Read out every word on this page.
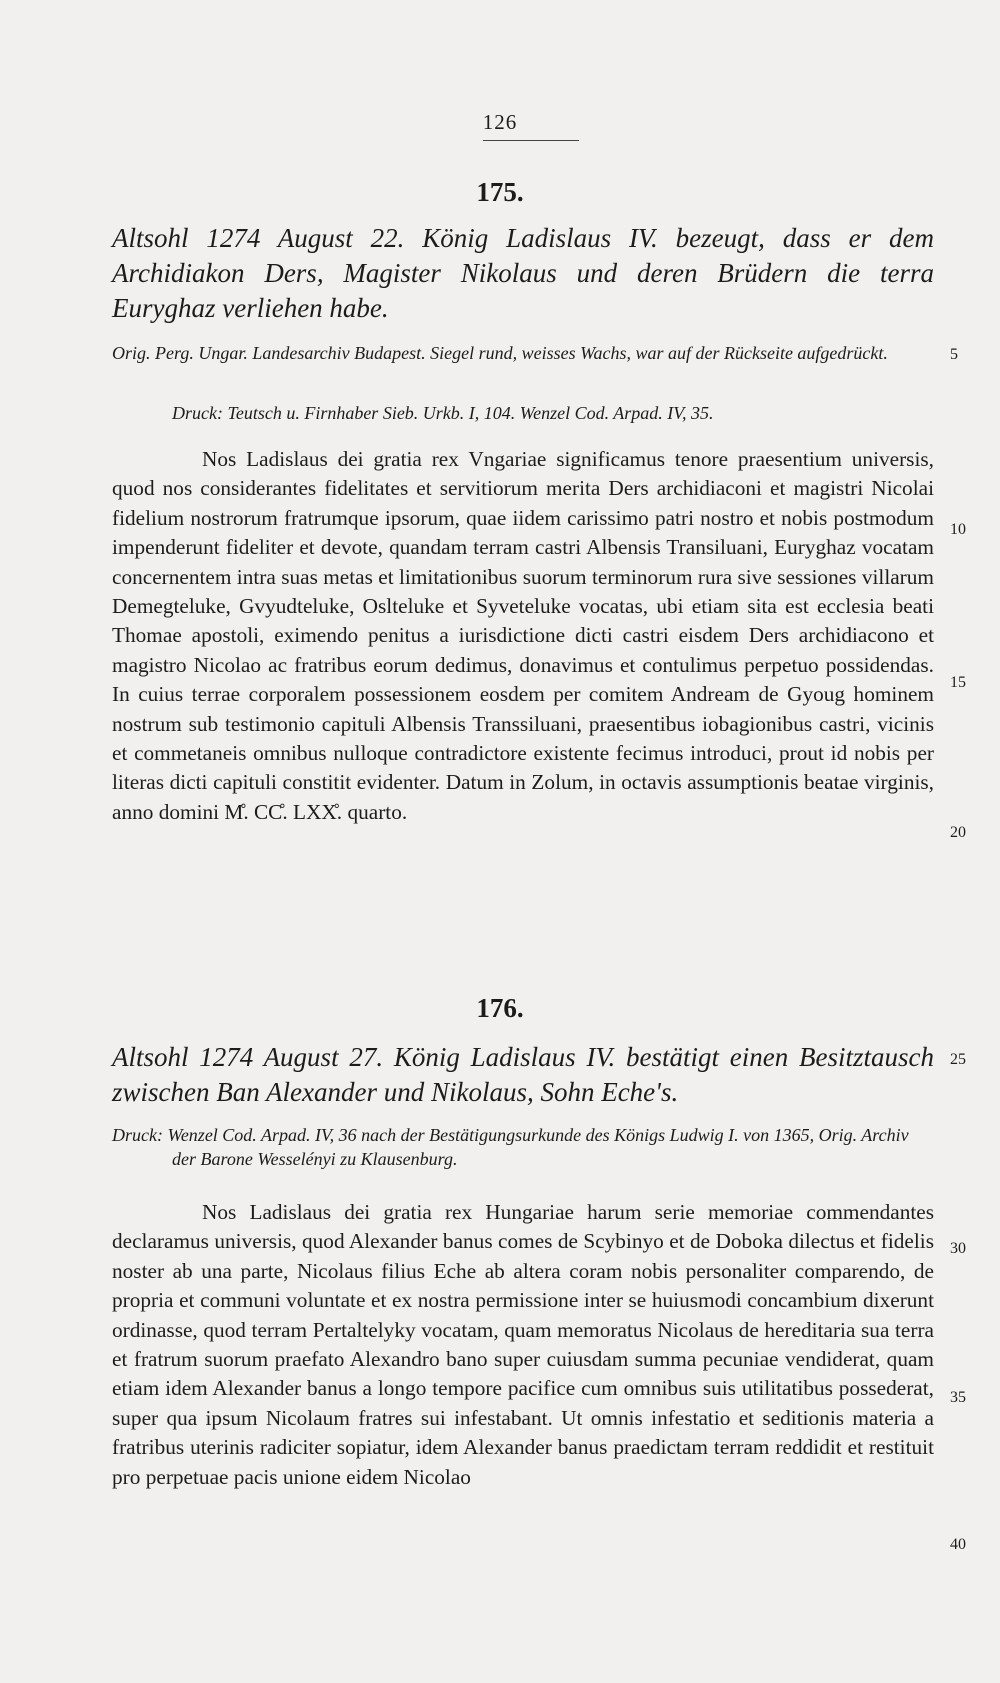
126
175.
Altsohl 1274 August 22. König Ladislaus IV. bezeugt, dass er dem Archidiakon Ders, Magister Nikolaus und deren Brüdern die terra Euryghaz verliehen habe.
Orig. Perg. Ungar. Landesarchiv Budapest. Siegel rund, weisses Wachs, war auf der Rückseite aufgedrückt.
Druck: Teutsch u. Firnhaber Sieb. Urkb. I, 104. Wenzel Cod. Arpad. IV, 35.
Nos Ladislaus dei gratia rex Vngariae significamus tenore praesentium universis, quod nos considerantes fidelitates et servitiorum merita Ders archidiaconi et magistri Nicolai fidelium nostrorum fratrumque ipsorum, quae iidem carissimo patri nostro et nobis postmodum impenderunt fideliter et devote, quandam terram castri Albensis Transiluani, Euryghaz vocatam concernentem intra suas metas et limitationibus suorum terminorum rura sive sessiones villarum Demegteluke, Gvyudteluke, Oslteluke et Syveteluke vocatas, ubi etiam sita est ecclesia beati Thomae apostoli, eximendo penitus a iurisdictione dicti castri eisdem Ders archidiacono et magistro Nicolao ac fratribus eorum dedimus, donavimus et contulimus perpetuo possidendas. In cuius terrae corporalem possessionem eosdem per comitem Andream de Gyoug hominem nostrum sub testimonio capituli Albensis Transsiluani, praesentibus iobagionibus castri, vicinis et commetaneis omnibus nulloque contradictore existente fecimus introduci, prout id nobis per literas dicti capituli constitit evidenter. Datum in Zolum, in octavis assumptionis beatae virginis, anno domini M̊. CC̊. LXX̊. quarto.
176.
Altsohl 1274 August 27. König Ladislaus IV. bestätigt einen Besitztausch zwischen Ban Alexander und Nikolaus, Sohn Eche's.
Druck: Wenzel Cod. Arpad. IV, 36 nach der Bestätigungsurkunde des Königs Ludwig I. von 1365, Orig. Archiv der Barone Wesselényi zu Klausenburg.
Nos Ladislaus dei gratia rex Hungariae harum serie memoriae commendantes declaramus universis, quod Alexander banus comes de Scybinyo et de Doboka dilectus et fidelis noster ab una parte, Nicolaus filius Eche ab altera coram nobis personaliter comparendo, de propria et communi voluntate et ex nostra permissione inter se huiusmodi concambium dixerunt ordinasse, quod terram Pertaltelyky vocatam, quam memoratus Nicolaus de hereditaria sua terra et fratrum suorum praefato Alexandro bano super cuiusdam summa pecuniae vendiderat, quam etiam idem Alexander banus a longo tempore pacifice cum omnibus suis utilitatibus possederat, super qua ipsum Nicolaum fratres sui infestabant. Ut omnis infestatio et seditionis materia a fratribus uterinis radiciter sopiatur, idem Alexander banus praedictam terram reddidit et restituit pro perpetuae pacis unione eidem Nicolao
5
10
15
20
25
30
35
40
